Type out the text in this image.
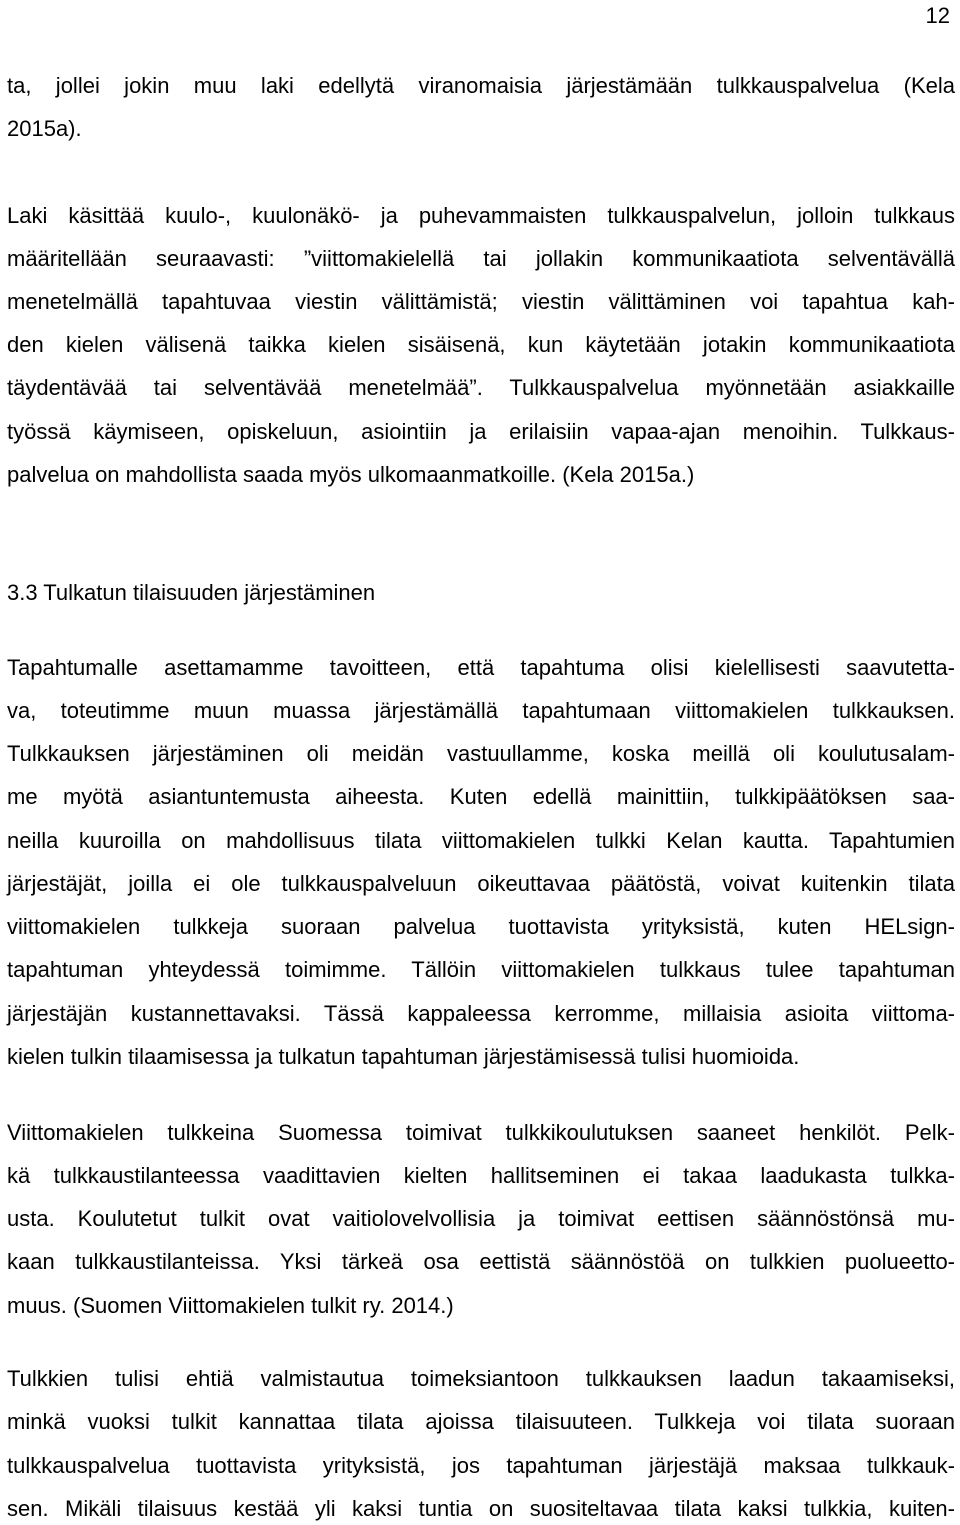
12
ta, jollei jokin muu laki edellytä viranomaisia järjestämään tulkkauspalvelua (Kela
2015a).
Laki käsittää kuulo-, kuulonäkö- ja puhevammaisten tulkkauspalvelun, jolloin tulkkaus
määritellään seuraavasti: ”viittomakielellä tai jollakin kommunikaatiota selventävällä
menetelmällä tapahtuvaa viestin välittämistä; viestin välittäminen voi tapahtua kah-
den kielen välisenä taikka kielen sisäisenä, kun käytetään jotakin kommunikaatiota
täydentävää tai selventävää menetelmää”. Tulkkauspalvelua myönnetään asiakkaille
työssä käymiseen, opiskeluun, asiointiin ja erilaisiin vapaa-ajan menoihin. Tulkkaus-
palvelua on mahdollista saada myös ulkomaanmatkoille. (Kela 2015a.)
3.3 Tulkatun tilaisuuden järjestäminen
Tapahtumalle asettamamme tavoitteen, että tapahtuma olisi kielellisesti saavutetta-
va, toteutimme muun muassa järjestämällä tapahtumaan viittomakielen tulkkauksen.
Tulkkauksen järjestäminen oli meidän vastuullamme, koska meillä oli koulutusalam-
me myötä asiantuntemusta aiheesta. Kuten edellä mainittiin, tulkkipäätöksen saa-
neilla kuuroilla on mahdollisuus tilata viittomakielen tulkki Kelan kautta. Tapahtumien
järjestäjät, joilla ei ole tulkkauspalveluun oikeuttavaa päätöstä, voivat kuitenkin tilata
viittomakielen tulkkeja suoraan palvelua tuottavista yrityksistä, kuten HELsign-
tapahtuman yhteydessä toimimme. Tällöin viittomakielen tulkkaus tulee tapahtuman
järjestäjän kustannettavaksi. Tässä kappaleessa kerromme, millaisia asioita viittoma-
kielen tulkin tilaamisessa ja tulkatun tapahtuman järjestämisessä tulisi huomioida.
Viittomakielen tulkkeina Suomessa toimivat tulkkikoulutuksen saaneet henkilöt. Pelk-
kä tulkkaustilanteessa vaadittavien kielten hallitseminen ei takaa laadukasta tulkka-
usta. Koulutetut tulkit ovat vaitiolovelvollisia ja toimivat eettisen säännöstönsä mu-
kaan tulkkaustilanteissa. Yksi tärkeä osa eettistä säännöstöä on tulkkien puolueetto-
muus. (Suomen Viittomakielen tulkit ry. 2014.)
Tulkkien tulisi ehtiä valmistautua toimeksiantoon tulkkauksen laadun takaamiseksi,
minkä vuoksi tulkit kannattaa tilata ajoissa tilaisuuteen. Tulkkeja voi tilata suoraan
tulkkauspalvelua tuottavista yrityksistä, jos tapahtuman järjestäjä maksaa tulkkauk-
sen. Mikäli tilaisuus kestää yli kaksi tuntia on suositeltavaa tilata kaksi tulkkia, kuiten-
